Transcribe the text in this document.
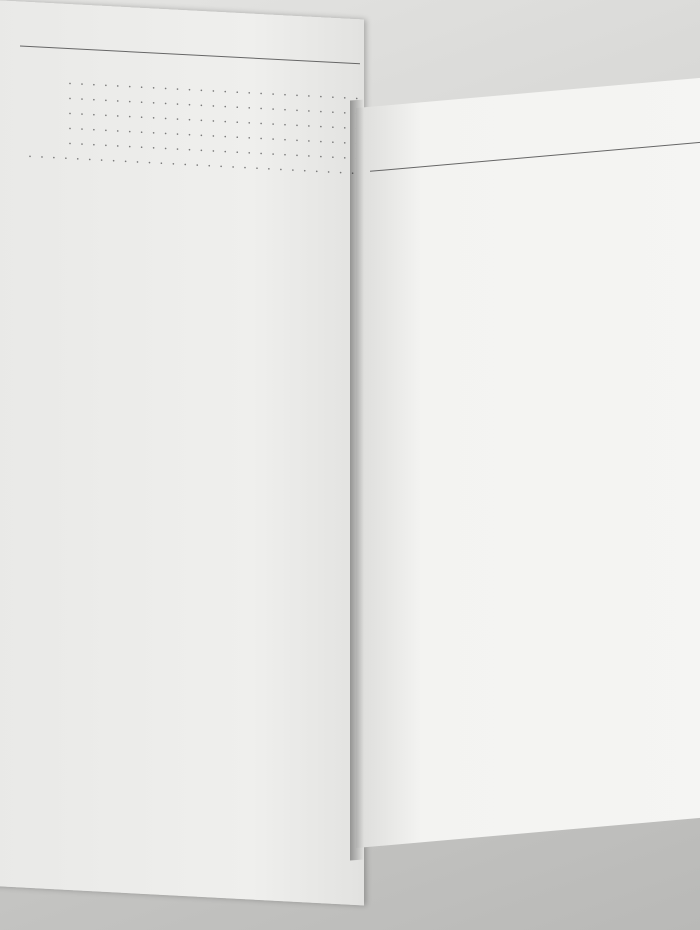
. . .
. . .
. . .
. . .
. . .
. . .
